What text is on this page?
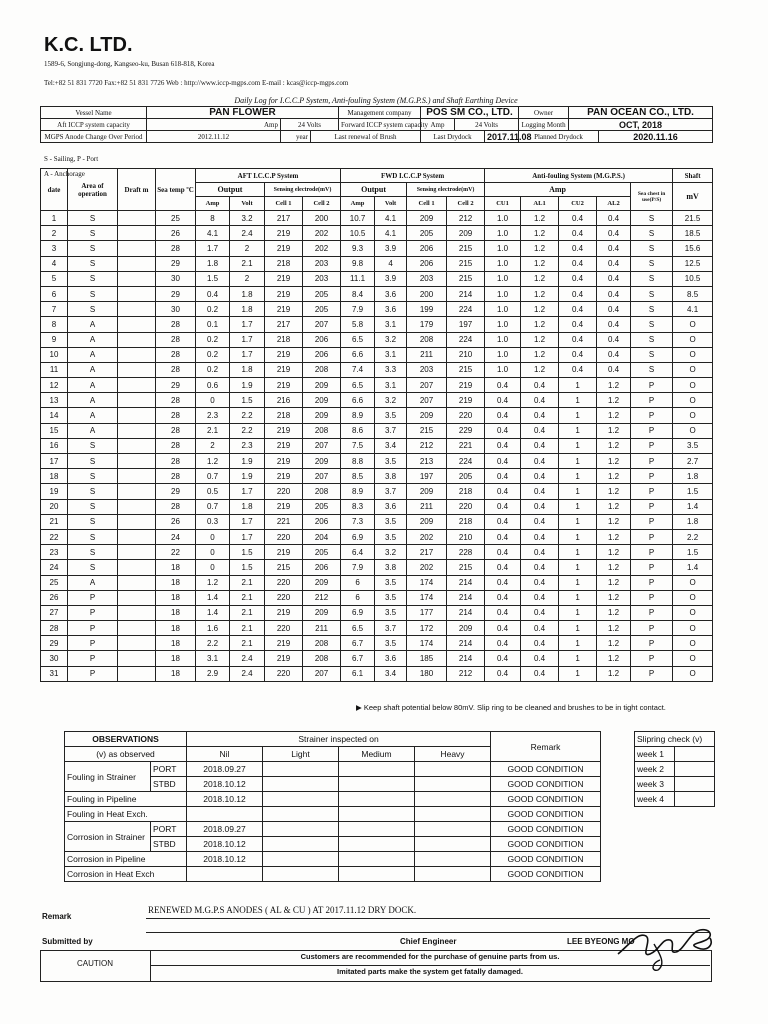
K.C. LTD.
1589-6, Songjung-dong, Kangseo-ku, Busan 618-818, Korea
Tel:+82 51 831 7720 Fax:+82 51 831 7726 Web : http://www.iccp-mgps.com E-mail : kcas@iccp-mgps.com
Daily Log for I.C.C.P System, Anti-fouling System (M.G.P.S.) and Shaft Earthing Device
Vessel Name	PAN FLOWER			Management company	POS SM CO., LTD.			Owner	PAN OCEAN CO., LTD.	
Aft ICCP system capacity	Amp	24 Volts		Forward ICCP system capacity	Amp	24 Volts		Logging Month	OCT, 2018	
MGPS Anode Change Over Period	2012.11.12	year	Last renewal of Brush		Last Drydock		2017.11.08	Planned Drydock		2020.11.16
S - Sailing, P - Port
A - Anchorage
date	Area of operation	Draft m	Sea temp ºC	AFT I.C.C.P System				FWD I.C.C.P System				Anti-fouling System (M.G.P.S.)					Shaft
				Output		Sensing electrode(mV)		Output		Sensing electrode(mV)		Amp				Sea chest in use(P/S)	mV
				Amp	Volt	Cell 1	Cell 2	Amp	Volt	Cell 1	Cell 2	CU1	AL1	CU2	AL2		
1	S		25	8	3.2	217	200	10.7	4.1	209	212	1.0	1.2	0.4	0.4	S	21.5
2	S		26	4.1	2.4	219	202	10.5	4.1	205	209	1.0	1.2	0.4	0.4	S	18.5
3	S		28	1.7	2	219	202	9.3	3.9	206	215	1.0	1.2	0.4	0.4	S	15.6
4	S		29	1.8	2.1	218	203	9.8	4	206	215	1.0	1.2	0.4	0.4	S	12.5
5	S		30	1.5	2	219	203	11.1	3.9	203	215	1.0	1.2	0.4	0.4	S	10.5
6	S		29	0.4	1.8	219	205	8.4	3.6	200	214	1.0	1.2	0.4	0.4	S	8.5
7	S		30	0.2	1.8	219	205	7.9	3.6	199	224	1.0	1.2	0.4	0.4	S	4.1
8	A		28	0.1	1.7	217	207	5.8	3.1	179	197	1.0	1.2	0.4	0.4	S	O
9	A		28	0.2	1.7	218	206	6.5	3.2	208	224	1.0	1.2	0.4	0.4	S	O
10	A		28	0.2	1.7	219	206	6.6	3.1	211	210	1.0	1.2	0.4	0.4	S	O
11	A		28	0.2	1.8	219	208	7.4	3.3	203	215	1.0	1.2	0.4	0.4	S	O
12	A		29	0.6	1.9	219	209	6.5	3.1	207	219	0.4	0.4	1	1.2	P	O
13	A		28	0	1.5	216	209	6.6	3.2	207	219	0.4	0.4	1	1.2	P	O
14	A		28	2.3	2.2	218	209	8.9	3.5	209	220	0.4	0.4	1	1.2	P	O
15	A		28	2.1	2.2	219	208	8.6	3.7	215	229	0.4	0.4	1	1.2	P	O
16	S		28	2	2.3	219	207	7.5	3.4	212	221	0.4	0.4	1	1.2	P	3.5
17	S		28	1.2	1.9	219	209	8.8	3.5	213	224	0.4	0.4	1	1.2	P	2.7
18	S		28	0.7	1.9	219	207	8.5	3.8	197	205	0.4	0.4	1	1.2	P	1.8
19	S		29	0.5	1.7	220	208	8.9	3.7	209	218	0.4	0.4	1	1.2	P	1.5
20	S		28	0.7	1.8	219	205	8.3	3.6	211	220	0.4	0.4	1	1.2	P	1.4
21	S		26	0.3	1.7	221	206	7.3	3.5	209	218	0.4	0.4	1	1.2	P	1.8
22	S		24	0	1.7	220	204	6.9	3.5	202	210	0.4	0.4	1	1.2	P	2.2
23	S		22	0	1.5	219	205	6.4	3.2	217	228	0.4	0.4	1	1.2	P	1.5
24	S		18	0	1.5	215	206	7.9	3.8	202	215	0.4	0.4	1	1.2	P	1.4
25	A		18	1.2	2.1	220	209	6	3.5	174	214	0.4	0.4	1	1.2	P	O
26	P		18	1.4	2.1	220	212	6	3.5	174	214	0.4	0.4	1	1.2	P	O
27	P		18	1.4	2.1	219	209	6.9	3.5	177	214	0.4	0.4	1	1.2	P	O
28	P		18	1.6	2.1	220	211	6.5	3.7	172	209	0.4	0.4	1	1.2	P	O
29	P		18	2.2	2.1	219	208	6.7	3.5	174	214	0.4	0.4	1	1.2	P	O
30	P		18	3.1	2.4	219	208	6.7	3.6	185	214	0.4	0.4	1	1.2	P	O
31	P		18	2.9	2.4	220	207	6.1	3.4	180	212	0.4	0.4	1	1.2	P	O
▶ Keep shaft potential below 80mV. Slip ring to be cleaned and brushes to be in tight contact.
OBSERVATIONS		Strainer inspected on				Remark
(v) as observed		Nil	Light	Medium	Heavy	
Fouling in Strainer	PORT	2018.09.27				GOOD CONDITION
	STBD	2018.10.12				GOOD CONDITION
Fouling in Pipeline		2018.10.12				GOOD CONDITION
Fouling in Heat Exch.						GOOD CONDITION
Corrosion in Strainer	PORT	2018.09.27				GOOD CONDITION
	STBD	2018.10.12				GOOD CONDITION
Corrosion in Pipeline		2018.10.12				GOOD CONDITION
Corrosion in Heat Exch						GOOD CONDITION
Slipring check (v)	
week 1	
week 2	
week 3	
week 4	
Remark
RENEWED M.G.P.S ANODES ( AL & CU ) AT 2017.11.12 DRY DOCK.
Submitted by	Chief Engineer	LEE BYEONG MO
CAUTION
Customers are recommended for the purchase of genuine parts from us.
Imitated parts make the system get fatally damaged.
